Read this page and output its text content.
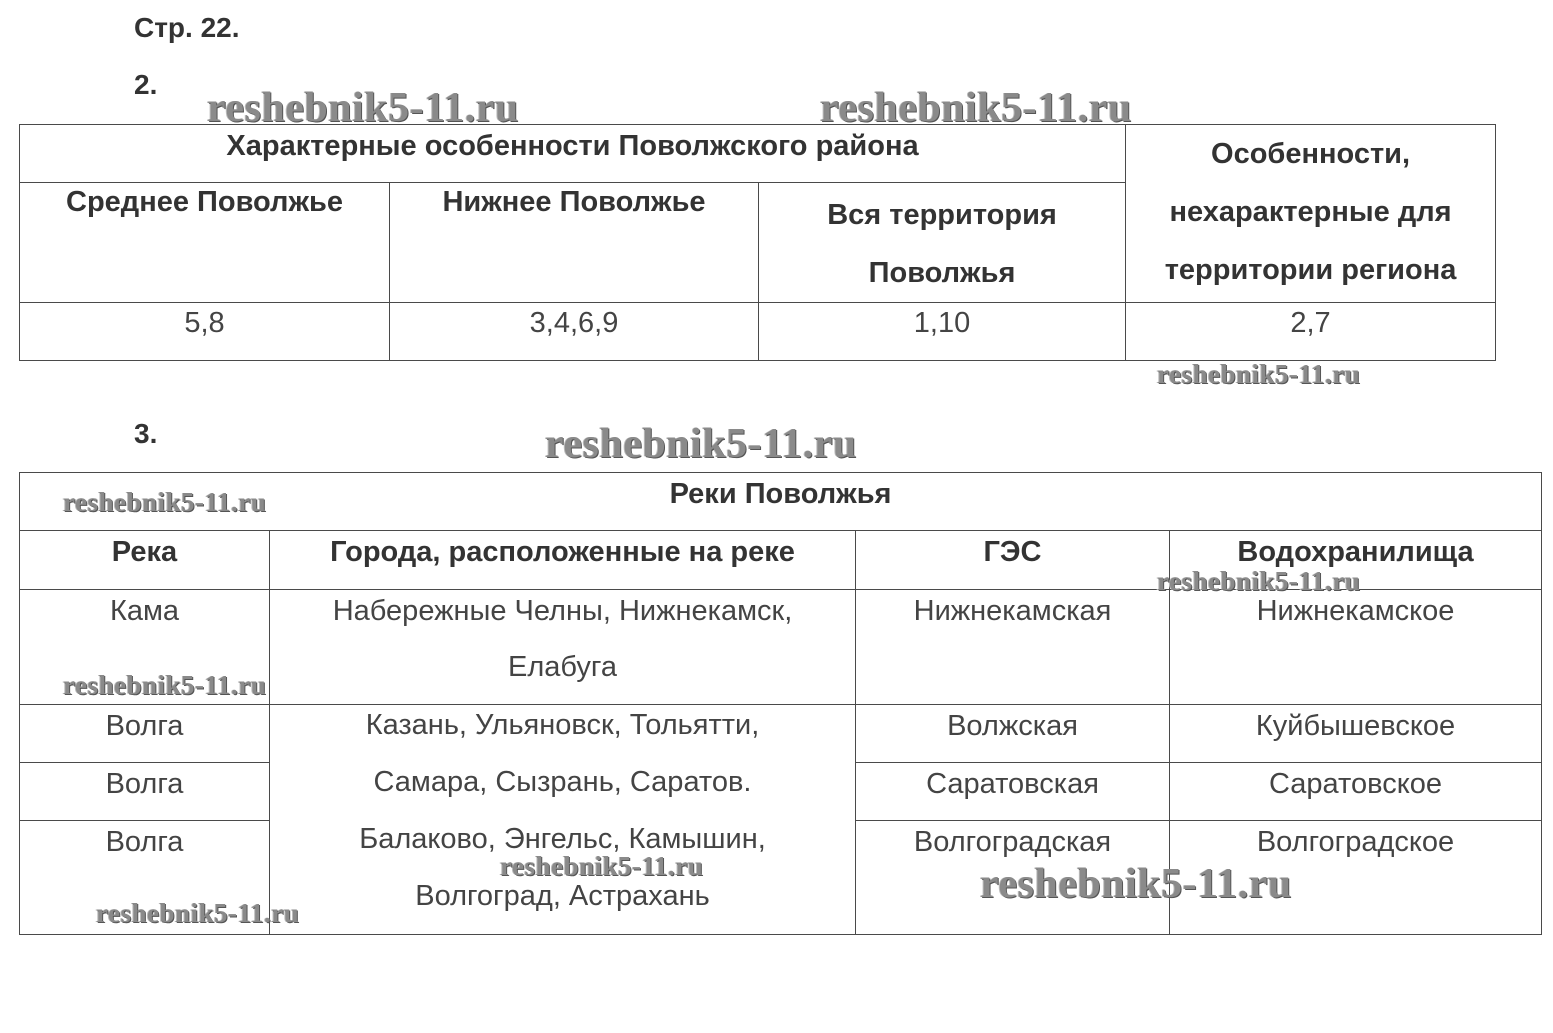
Стр. 22.
2.
Характерные особенности Поволжского района			Особенности, нехарактерные для территории региона

Среднее Поволжье	Нижнее Поволжье	Вся территория Поволжья	

5,8	3,4,6,9	1,10	2,7
3.
Реки Поволжья			
Река	Города, расположенные на реке	ГЭС	Водохранилища
Кама	Набережные Челны, Нижнекамск, Елабуга	Нижнекамская	Нижнекамское
Волга	Казань, Ульяновск, Тольятти, Самара, Сызрань, Саратов. Балаково, Энгельс, Камышин, Волгоград, Астрахань	Волжская	Куйбышевское
Волга		Саратовская	Саратовское
Волга		Волгоградская	Волгоградское
reshebnik5-11.ru	reshebnik5-11.ru
reshebnik5-11.ru
reshebnik5-11.ru
reshebnik5-11.ru
reshebnik5-11.ru
reshebnik5-11.ru
reshebnik5-11.ru	reshebnik5-11.ru
reshebnik5-11.ru
